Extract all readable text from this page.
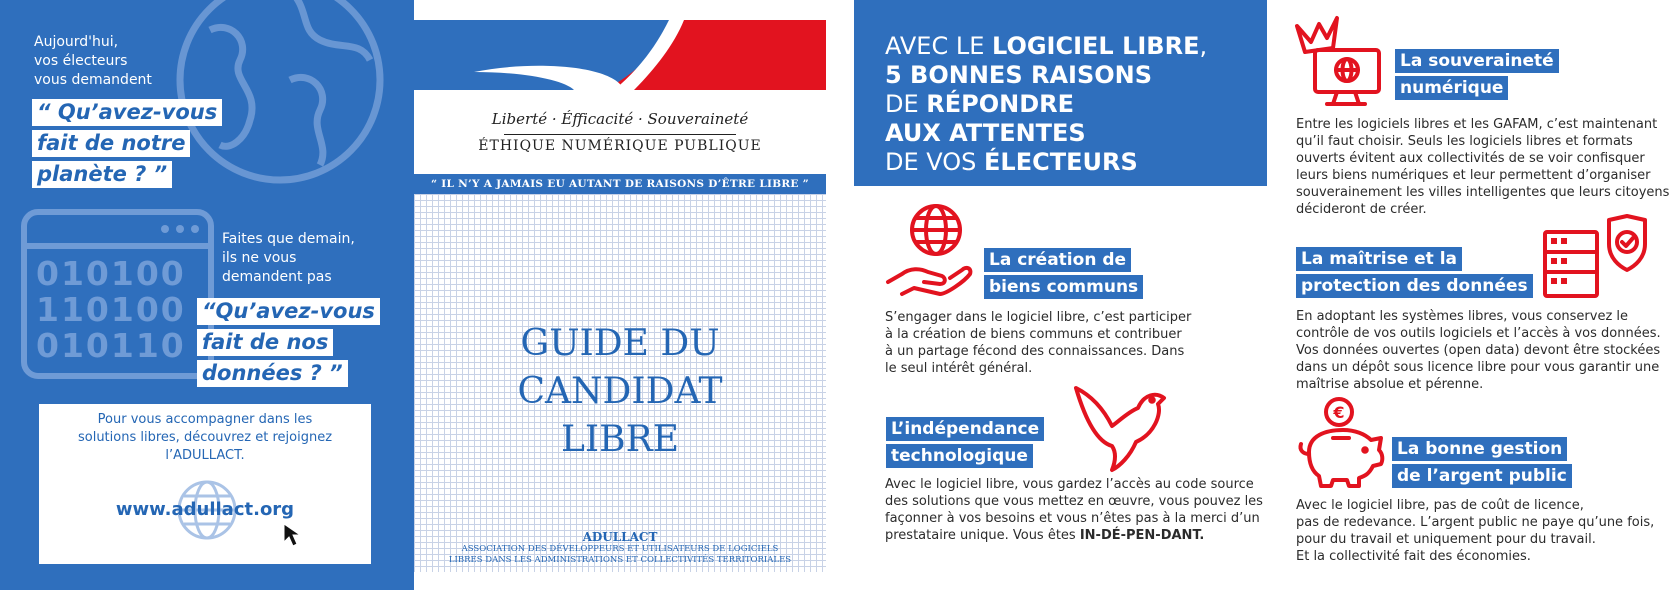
Aujourd'hui,
vos électeurs
vous demandent
“ Qu’avez-vous
fait de notre
planète ? ”
010100
110100
010110
Faites que demain,
ils ne vous
demandent pas
“Qu’avez-vous
fait de nos
données ? ”
Pour vous accompagner dans les
solutions libres, découvrez et rejoignez
l’ADULLACT.
www.adullact.org
Liberté · Éfficacité · Souveraineté
ÉTHIQUE NUMÉRIQUE PUBLIQUE
“ IL N’Y A JAMAIS EU AUTANT DE RAISONS D’ÊTRE LIBRE ”
GUIDE DU
CANDIDAT
LIBRE
ADULLACT
ASSOCIATION DES DÉVELOPPEURS ET UTILISATEURS DE LOGICIELS
LIBRES DANS LES ADMINISTRATIONS ET COLLECTIVITÉS TERRITORIALES
AVEC LE LOGICIEL LIBRE,
5 BONNES RAISONS
DE RÉPONDRE
AUX ATTENTES
DE VOS ÉLECTEURS
La création de
biens communs
S’engager dans le logiciel libre, c’est participer
à la création de biens communs et contribuer
à un partage fécond des connaissances. Dans
le seul intérêt général.
L’indépendance
technologique
Avec le logiciel libre, vous gardez l’accès au code source
des solutions que vous mettez en œuvre, vous pouvez les
façonner à vos besoins et vous n’êtes pas à la merci d’un
prestataire unique. Vous êtes IN-DÉ-PEN-DANT.
La souveraineté
numérique
Entre les logiciels libres et les GAFAM, c’est maintenant
qu’il faut choisir. Seuls les logiciels libres et formats
ouverts évitent aux collectivités de se voir confisquer
leurs biens numériques et leur permettent d’organiser
souverainement les villes intelligentes que leurs citoyens
décideront de créer.
La maîtrise et la
protection des données
En adoptant les systèmes libres, vous conservez le
contrôle de vos outils logiciels et l’accès à vos données.
Vos données ouvertes (open data) devont être stockées
dans un dépôt sous licence libre pour vous garantir une
maîtrise absolue et pérenne.
€
La bonne gestion
de l’argent public
Avec le logiciel libre, pas de coût de licence,
pas de redevance. L’argent public ne paye qu’une fois,
pour du travail et uniquement pour du travail.
Et la collectivité fait des économies.
